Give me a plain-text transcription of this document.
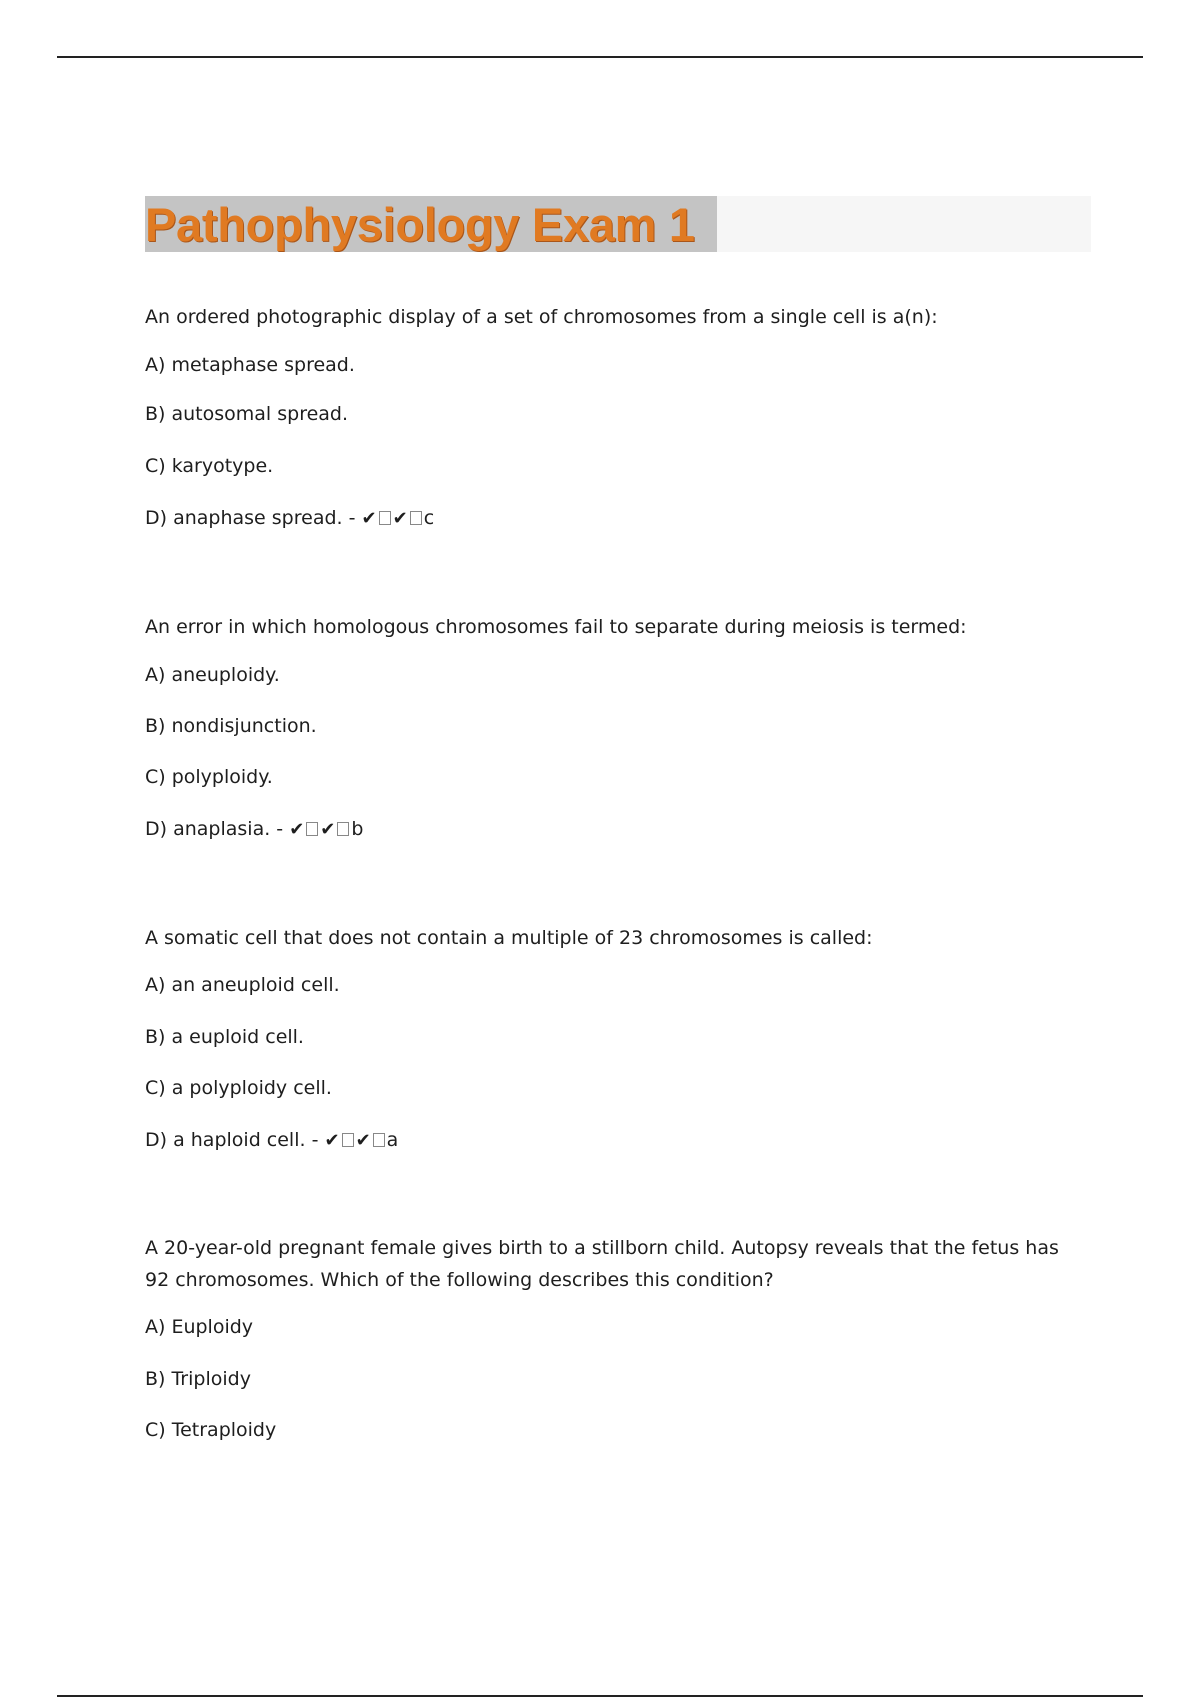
Pathophysiology Exam 1

An ordered photographic display of a set of chromosomes from a single cell is a(n):

A) metaphase spread.

B) autosomal spread.

C) karyotype.

D) anaphase spread. - ✔ ✔ c

An error in which homologous chromosomes fail to separate during meiosis is termed:

A) aneuploidy.

B) nondisjunction.

C) polyploidy.

D) anaplasia. - ✔ ✔ b

A somatic cell that does not contain a multiple of 23 chromosomes is called:

A) an aneuploid cell.

B) a euploid cell.

C) a polyploidy cell.

D) a haploid cell. - ✔ ✔ a

A 20-year-old pregnant female gives birth to a stillborn child. Autopsy reveals that the fetus has 92 chromosomes. Which of the following describes this condition?

A) Euploidy

B) Triploidy

C) Tetraploidy
